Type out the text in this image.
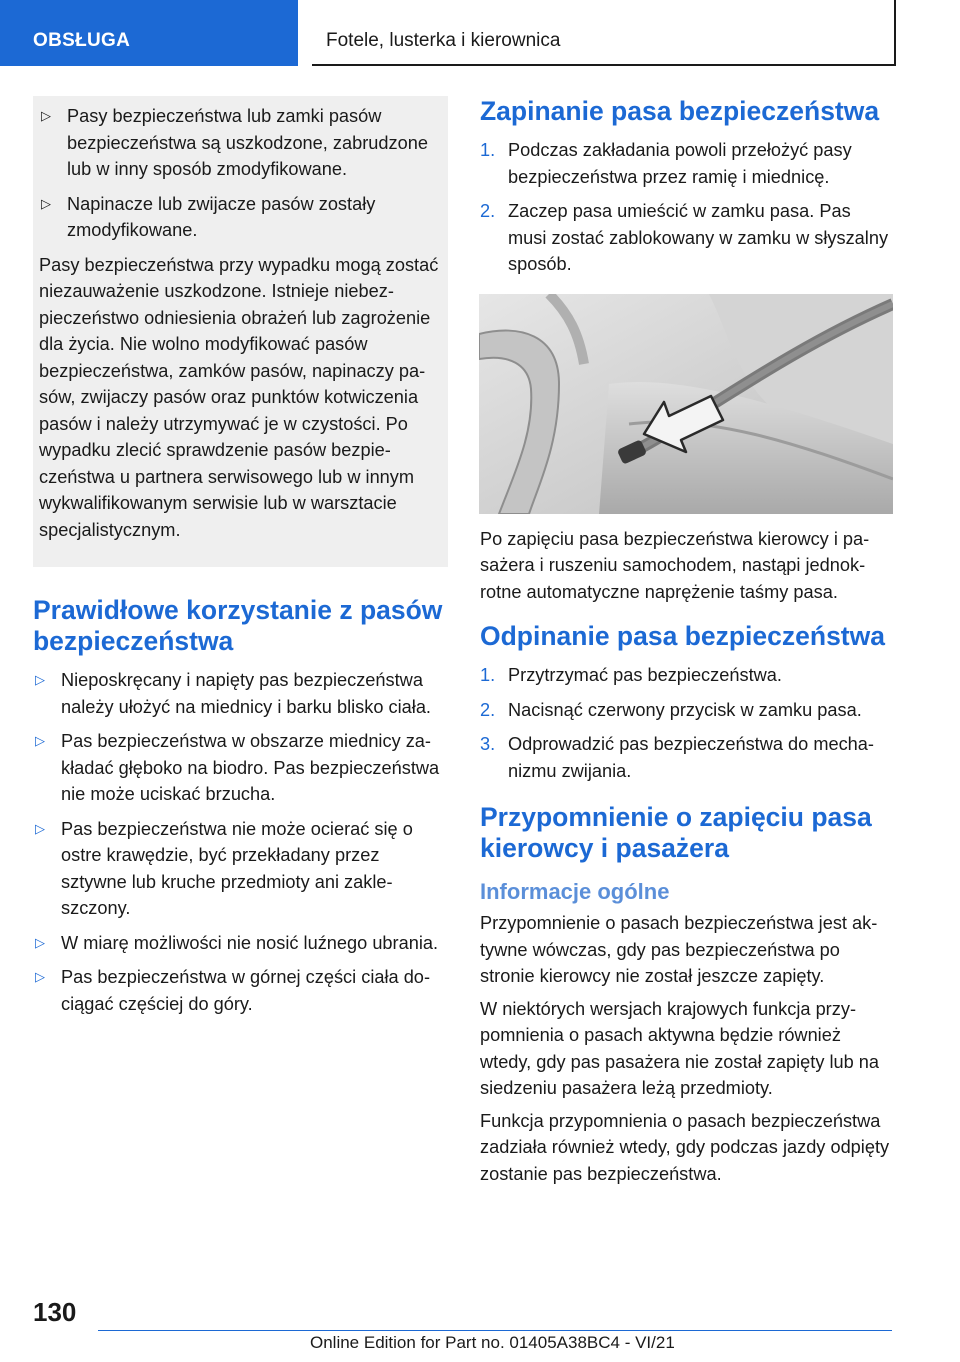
OBSŁUGA	Fotele, lusterka i kierownica
▷ Pasy bezpieczeństwa lub zamki pasów bezpieczeństwa są uszkodzone, zabrudzone lub w inny sposób zmodyfikowane.
▷ Napinacze lub zwijacze pasów zostały zmodyfikowane.

Pasy bezpieczeństwa przy wypadku mogą zostać niezauważenie uszkodzone. Istnieje niebezpieczeństwo odniesienia obrażeń lub zagrożenie dla życia. Nie wolno modyfikować pasów bezpieczeństwa, zamków pasów, napinaczy pasów, zwijaczy pasów oraz punktów kotwiczenia pasów i należy utrzymywać je w czystości. Po wypadku zlecić sprawdzenie pasów bezpieczeństwa u partnera serwisowego lub w innym wykwalifikowanym serwisie lub w warsztacie specjalistycznym.

Prawidłowe korzystanie z pasów bezpieczeństwa
▷ Nieposkręcany i napięty pas bezpieczeństwa należy ułożyć na miednicy i barku blisko ciała.
▷ Pas bezpieczeństwa w obszarze miednicy zakładać głęboko na biodro. Pas bezpieczeństwa nie może uciskać brzucha.
▷ Pas bezpieczeństwa nie może ocierać się o ostre krawędzie, być przekładany przez sztywne lub kruche przedmioty ani zakleszczony.
▷ W miarę możliwości nie nosić luźnego ubrania.
▷ Pas bezpieczeństwa w górnej części ciała dociągać częściej do góry.
Zapinanie pasa bezpieczeństwa
1. Podczas zakładania powoli przełożyć pasy bezpieczeństwa przez ramię i miednicę.
2. Zaczep pasa umieścić w zamku pasa. Pas musi zostać zablokowany w zamku w słyszalny sposób.

Po zapięciu pasa bezpieczeństwa kierowcy i pasażera i ruszeniu samochodem, nastąpi jednokrotne automatyczne naprężenie taśmy pasa.

Odpinanie pasa bezpieczeństwa
1. Przytrzymać pas bezpieczeństwa.
2. Nacisnąć czerwony przycisk w zamku pasa.
3. Odprowadzić pas bezpieczeństwa do mechanizmu zwijania.
Przypomnienie o zapięciu pasa kierowcy i pasażera
Informacje ogólne

Przypomnienie o pasach bezpieczeństwa jest aktywne wówczas, gdy pas bezpieczeństwa po stronie kierowcy nie został jeszcze zapięty.

W niektórych wersjach krajowych funkcja przypomnienia o pasach aktywna będzie również wtedy, gdy pas pasażera nie został zapięty lub na siedzeniu pasażera leżą przedmioty.

Funkcja przypomnienia o pasach bezpieczeństwa zadziała również wtedy, gdy podczas jazdy odpięty zostanie pas bezpieczeństwa.

130
Online Edition for Part no. 01405A38BC4 - VI/21
